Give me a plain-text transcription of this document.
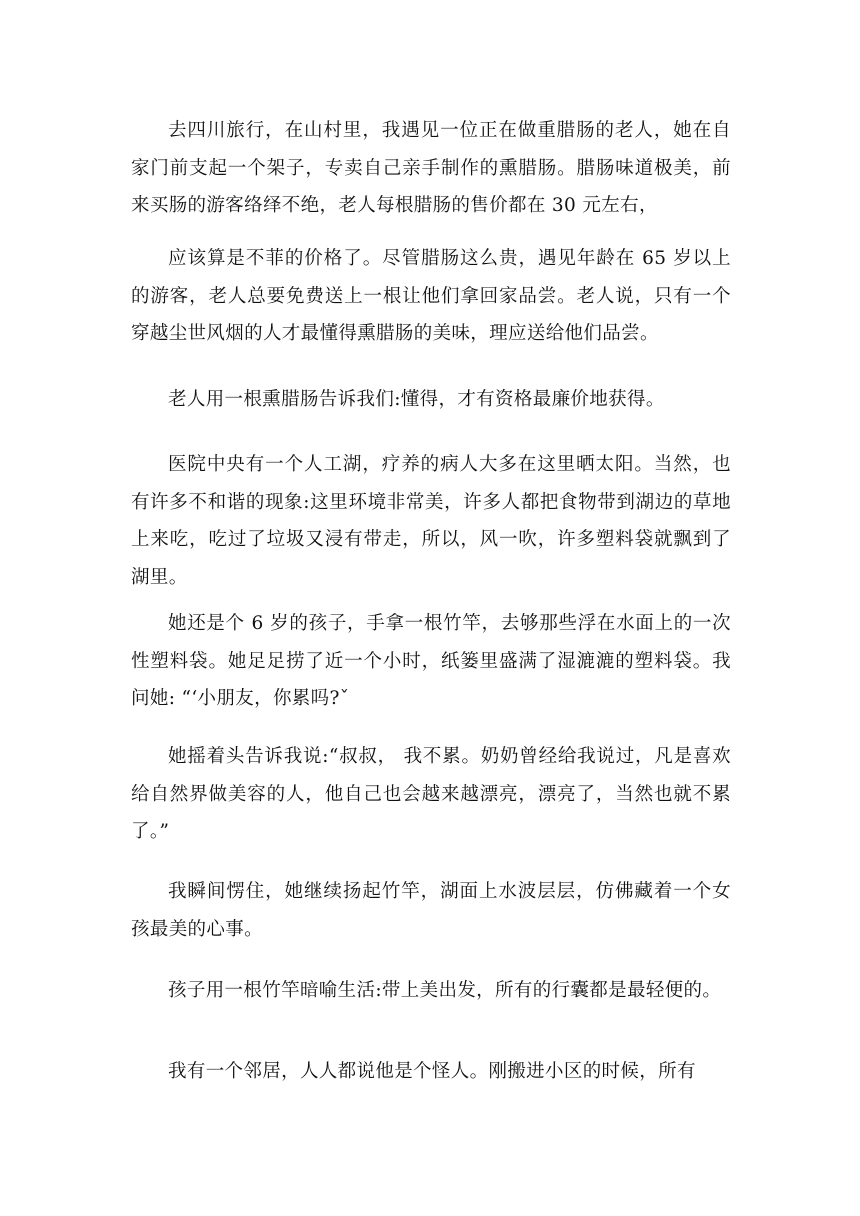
去四川旅行，在山村里，我遇见一位正在做重腊肠的老人，她在自家门前支起一个架子，专卖自己亲手制作的熏腊肠。腊肠味道极美，前来买肠的游客络绎不绝，老人每根腊肠的售价都在 30 元左右，

应该算是不菲的价格了。尽管腊肠这么贵，遇见年龄在 65 岁以上的游客，老人总要免费送上一根让他们拿回家品尝。老人说，只有一个穿越尘世风烟的人才最懂得熏腊肠的美味，理应送给他们品尝。

老人用一根熏腊肠告诉我们:懂得，才有资格最廉价地获得。

医院中央有一个人工湖，疗养的病人大多在这里晒太阳。当然，也有许多不和谐的现象:这里环境非常美，许多人都把食物带到湖边的草地上来吃，吃过了垃圾又浸有带走，所以，风一吹，许多塑料袋就飘到了湖里。

她还是个 6 岁的孩子，手拿一根竹竿，去够那些浮在水面上的一次性塑料袋。她足足捞了近一个小时，纸篓里盛满了湿漉漉的塑料袋。我问她: “‘小朋友，你累吗?ˇ

她摇着头告诉我说:“叔叔， 我不累。奶奶曾经给我说过，凡是喜欢给自然界做美容的人，他自己也会越来越漂亮，漂亮了，当然也就不累了。”

我瞬间愣住，她继续扬起竹竿，湖面上水波层层，仿佛藏着一个女孩最美的心事。

孩子用一根竹竿暗喻生活:带上美出发，所有的行囊都是最轻便的。

我有一个邻居，人人都说他是个怪人。刚搬进小区的时候，所有
